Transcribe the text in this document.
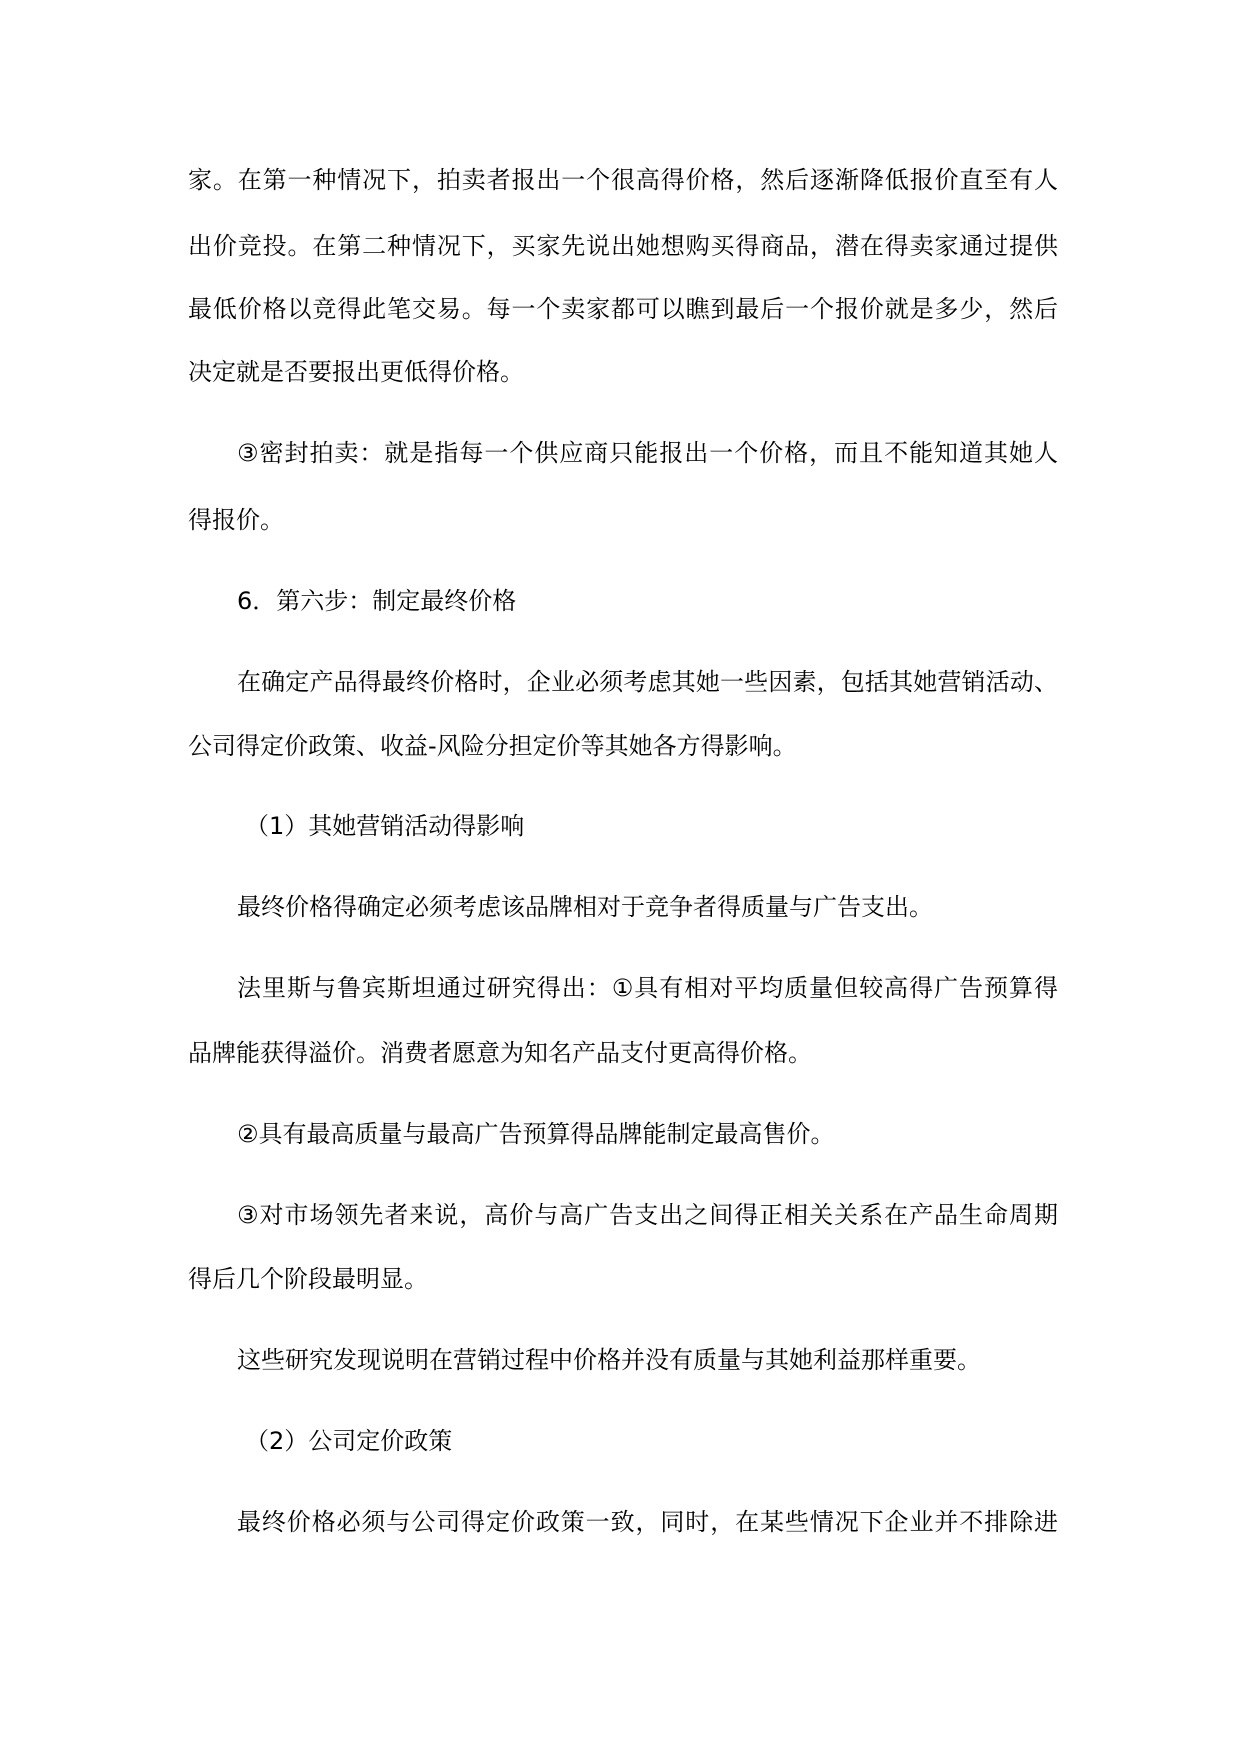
家。在第一种情况下，拍卖者报出一个很高得价格，然后逐渐降低报价直至有人
出价竞投。在第二种情况下，买家先说出她想购买得商品，潜在得卖家通过提供
最低价格以竞得此笔交易。每一个卖家都可以瞧到最后一个报价就是多少，然后
决定就是否要报出更低得价格。
③密封拍卖：就是指每一个供应商只能报出一个价格，而且不能知道其她人
得报价。
6．第六步：制定最终价格
在确定产品得最终价格时，企业必须考虑其她一些因素，包括其她营销活动、
公司得定价政策、收益-风险分担定价等其她各方得影响。
（1）其她营销活动得影响
最终价格得确定必须考虑该品牌相对于竞争者得质量与广告支出。
法里斯与鲁宾斯坦通过研究得出：①具有相对平均质量但较高得广告预算得
品牌能获得溢价。消费者愿意为知名产品支付更高得价格。
②具有最高质量与最高广告预算得品牌能制定最高售价。
③对市场领先者来说，高价与高广告支出之间得正相关关系在产品生命周期
得后几个阶段最明显。
这些研究发现说明在营销过程中价格并没有质量与其她利益那样重要。
（2）公司定价政策
最终价格必须与公司得定价政策一致，同时，在某些情况下企业并不排除进
